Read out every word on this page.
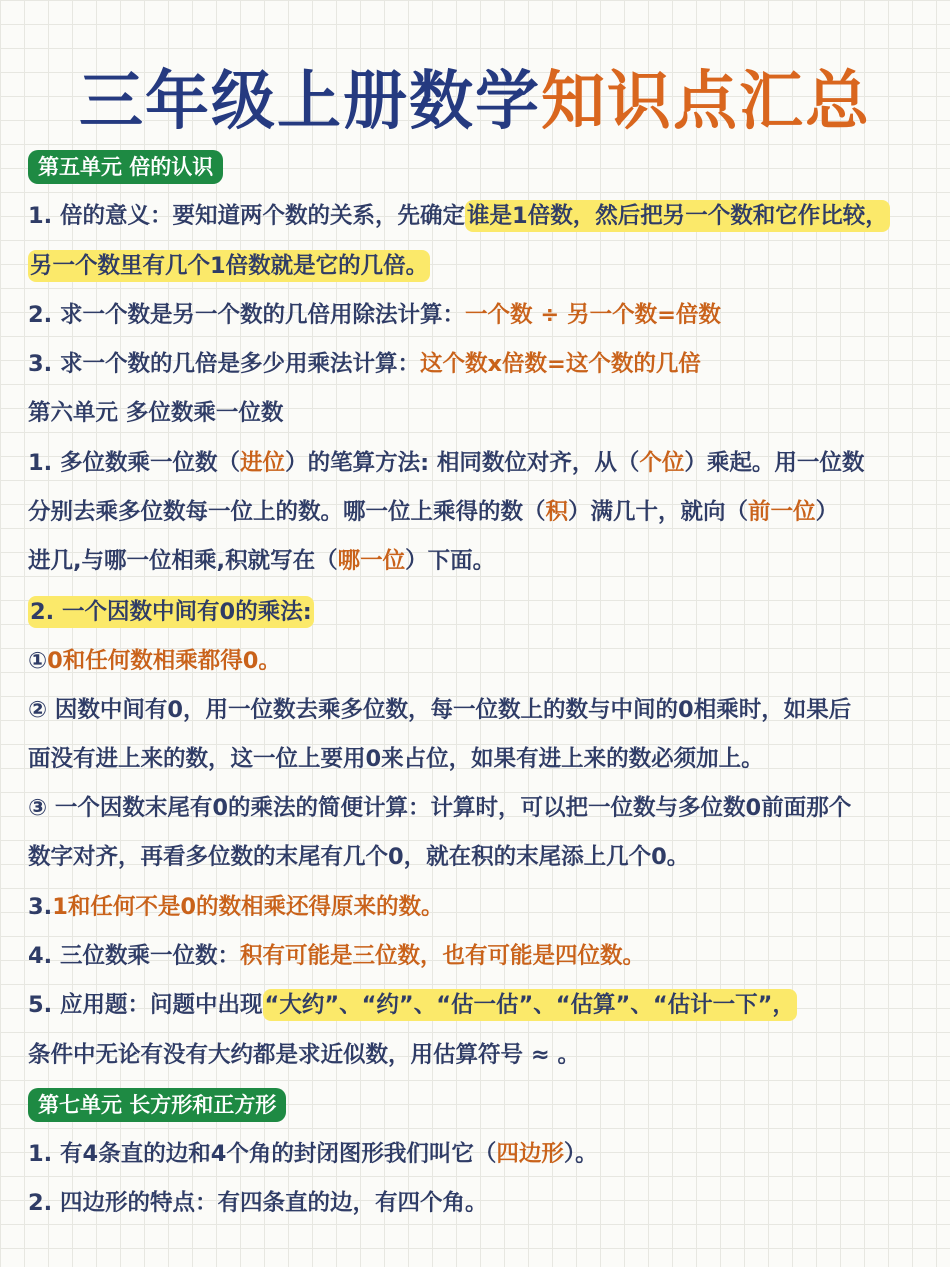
三年级上册数学知识点汇总
第五单元 倍的认识
1. 倍的意义：要知道两个数的关系，先确定谁是1倍数，然后把另一个数和它作比较，
另一个数里有几个1倍数就是它的几倍。
2. 求一个数是另一个数的几倍用除法计算：一个数 ÷ 另一个数=倍数
3. 求一个数的几倍是多少用乘法计算：这个数x倍数=这个数的几倍
第六单元 多位数乘一位数
1. 多位数乘一位数（进位）的笔算方法: 相同数位对齐，从（个位）乘起。用一位数
分别去乘多位数每一位上的数。哪一位上乘得的数（积）满几十，就向（前一位）
进几,与哪一位相乘,积就写在（哪一位）下面。
2. 一个因数中间有0的乘法:
①0和任何数相乘都得0。
② 因数中间有0，用一位数去乘多位数，每一位数上的数与中间的0相乘时，如果后
面没有进上来的数，这一位上要用0来占位，如果有进上来的数必须加上。
③ 一个因数末尾有0的乘法的简便计算：计算时，可以把一位数与多位数0前面那个
数字对齐，再看多位数的末尾有几个0，就在积的末尾添上几个0。
3.1和任何不是0的数相乘还得原来的数。
4. 三位数乘一位数：积有可能是三位数，也有可能是四位数。
5. 应用题：问题中出现“大约”、“约”、“估一估”、“估算”、“估计一下”，
条件中无论有没有大约都是求近似数，用估算符号 ≈ 。
第七单元 长方形和正方形
1. 有4条直的边和4个角的封闭图形我们叫它（四边形）。
2. 四边形的特点：有四条直的边，有四个角。
